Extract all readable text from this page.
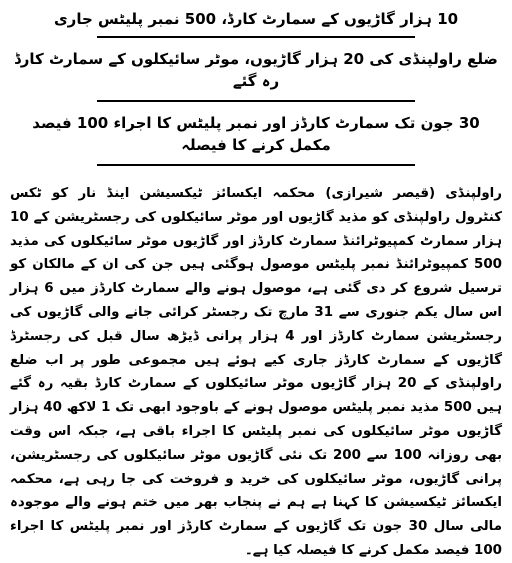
10 ہزار گاڑیوں کے سمارٹ کارڈ، 500 نمبر پلیٹس جاری
ضلع راولپنڈی کی 20 ہزار گاڑیوں، موٹر سائیکلوں کے سمارٹ کارڈ رہ گئے
30 جون تک سمارٹ کارڈز اور نمبر پلیٹس کا اجراء 100 فیصد مکمل کرنے کا فیصلہ

راولپنڈی (قیصر شیرازی) محکمہ ایکسائز ٹیکسیشن اینڈ نار کو ٹکس کنٹرول راولپنڈی کو مذید گاڑیوں اور موٹر سائیکلوں کی رجسٹریشن کے 10 ہزار سمارٹ کمپیوٹرائنڈ سمارٹ کارڈز اور گاڑیوں موٹر سائیکلوں کی مذید 500 کمپیوٹرائنڈ نمبر پلیٹس موصول ہوگئی ہیں جن کی ان کے مالکان کو ترسیل شروع کر دی گئی ہے، موصول ہونے والے سمارٹ کارڈز میں 6 ہزار اس سال یکم جنوری سے 31 مارچ تک رجسٹر کرائی جانے والی گاڑیوں کی رجسٹریشن سمارٹ کارڈز اور 4 ہزار پرانی ڈیڑھ سال قبل کی رجسٹرڈ گاڑیوں کے سمارٹ کارڈز جاری کیے ہوئے ہیں مجموعی طور پر اب ضلع راولپنڈی کے 20 ہزار گاڑیوں موٹر سائیکلوں کے سمارٹ کارڈ بقیہ رہ گئے ہیں 500 مذید نمبر پلیٹس موصول ہونے کے باوجود ابھی تک 1 لاکھ 40 ہزار گاڑیوں موٹر سائیکلوں کی نمبر پلیٹس کا اجراء باقی ہے، جبکہ اس وقت بھی روزانہ 100 سے 200 تک نئی گاڑیوں موٹر سائیکلوں کی رجسٹریشن، پرانی گاڑیوں، موٹر سائیکلوں کی خرید و فروخت کی جا رہی ہے، محکمہ ایکسائز ٹیکسیشن کا کہنا ہے ہم نے پنجاب بھر میں ختم ہونے والے موجودہ مالی سال 30 جون تک گاڑیوں کے سمارٹ کارڈز اور نمبر پلیٹس کا اجراء 100 فیصد مکمل کرنے کا فیصلہ کیا ہے۔
